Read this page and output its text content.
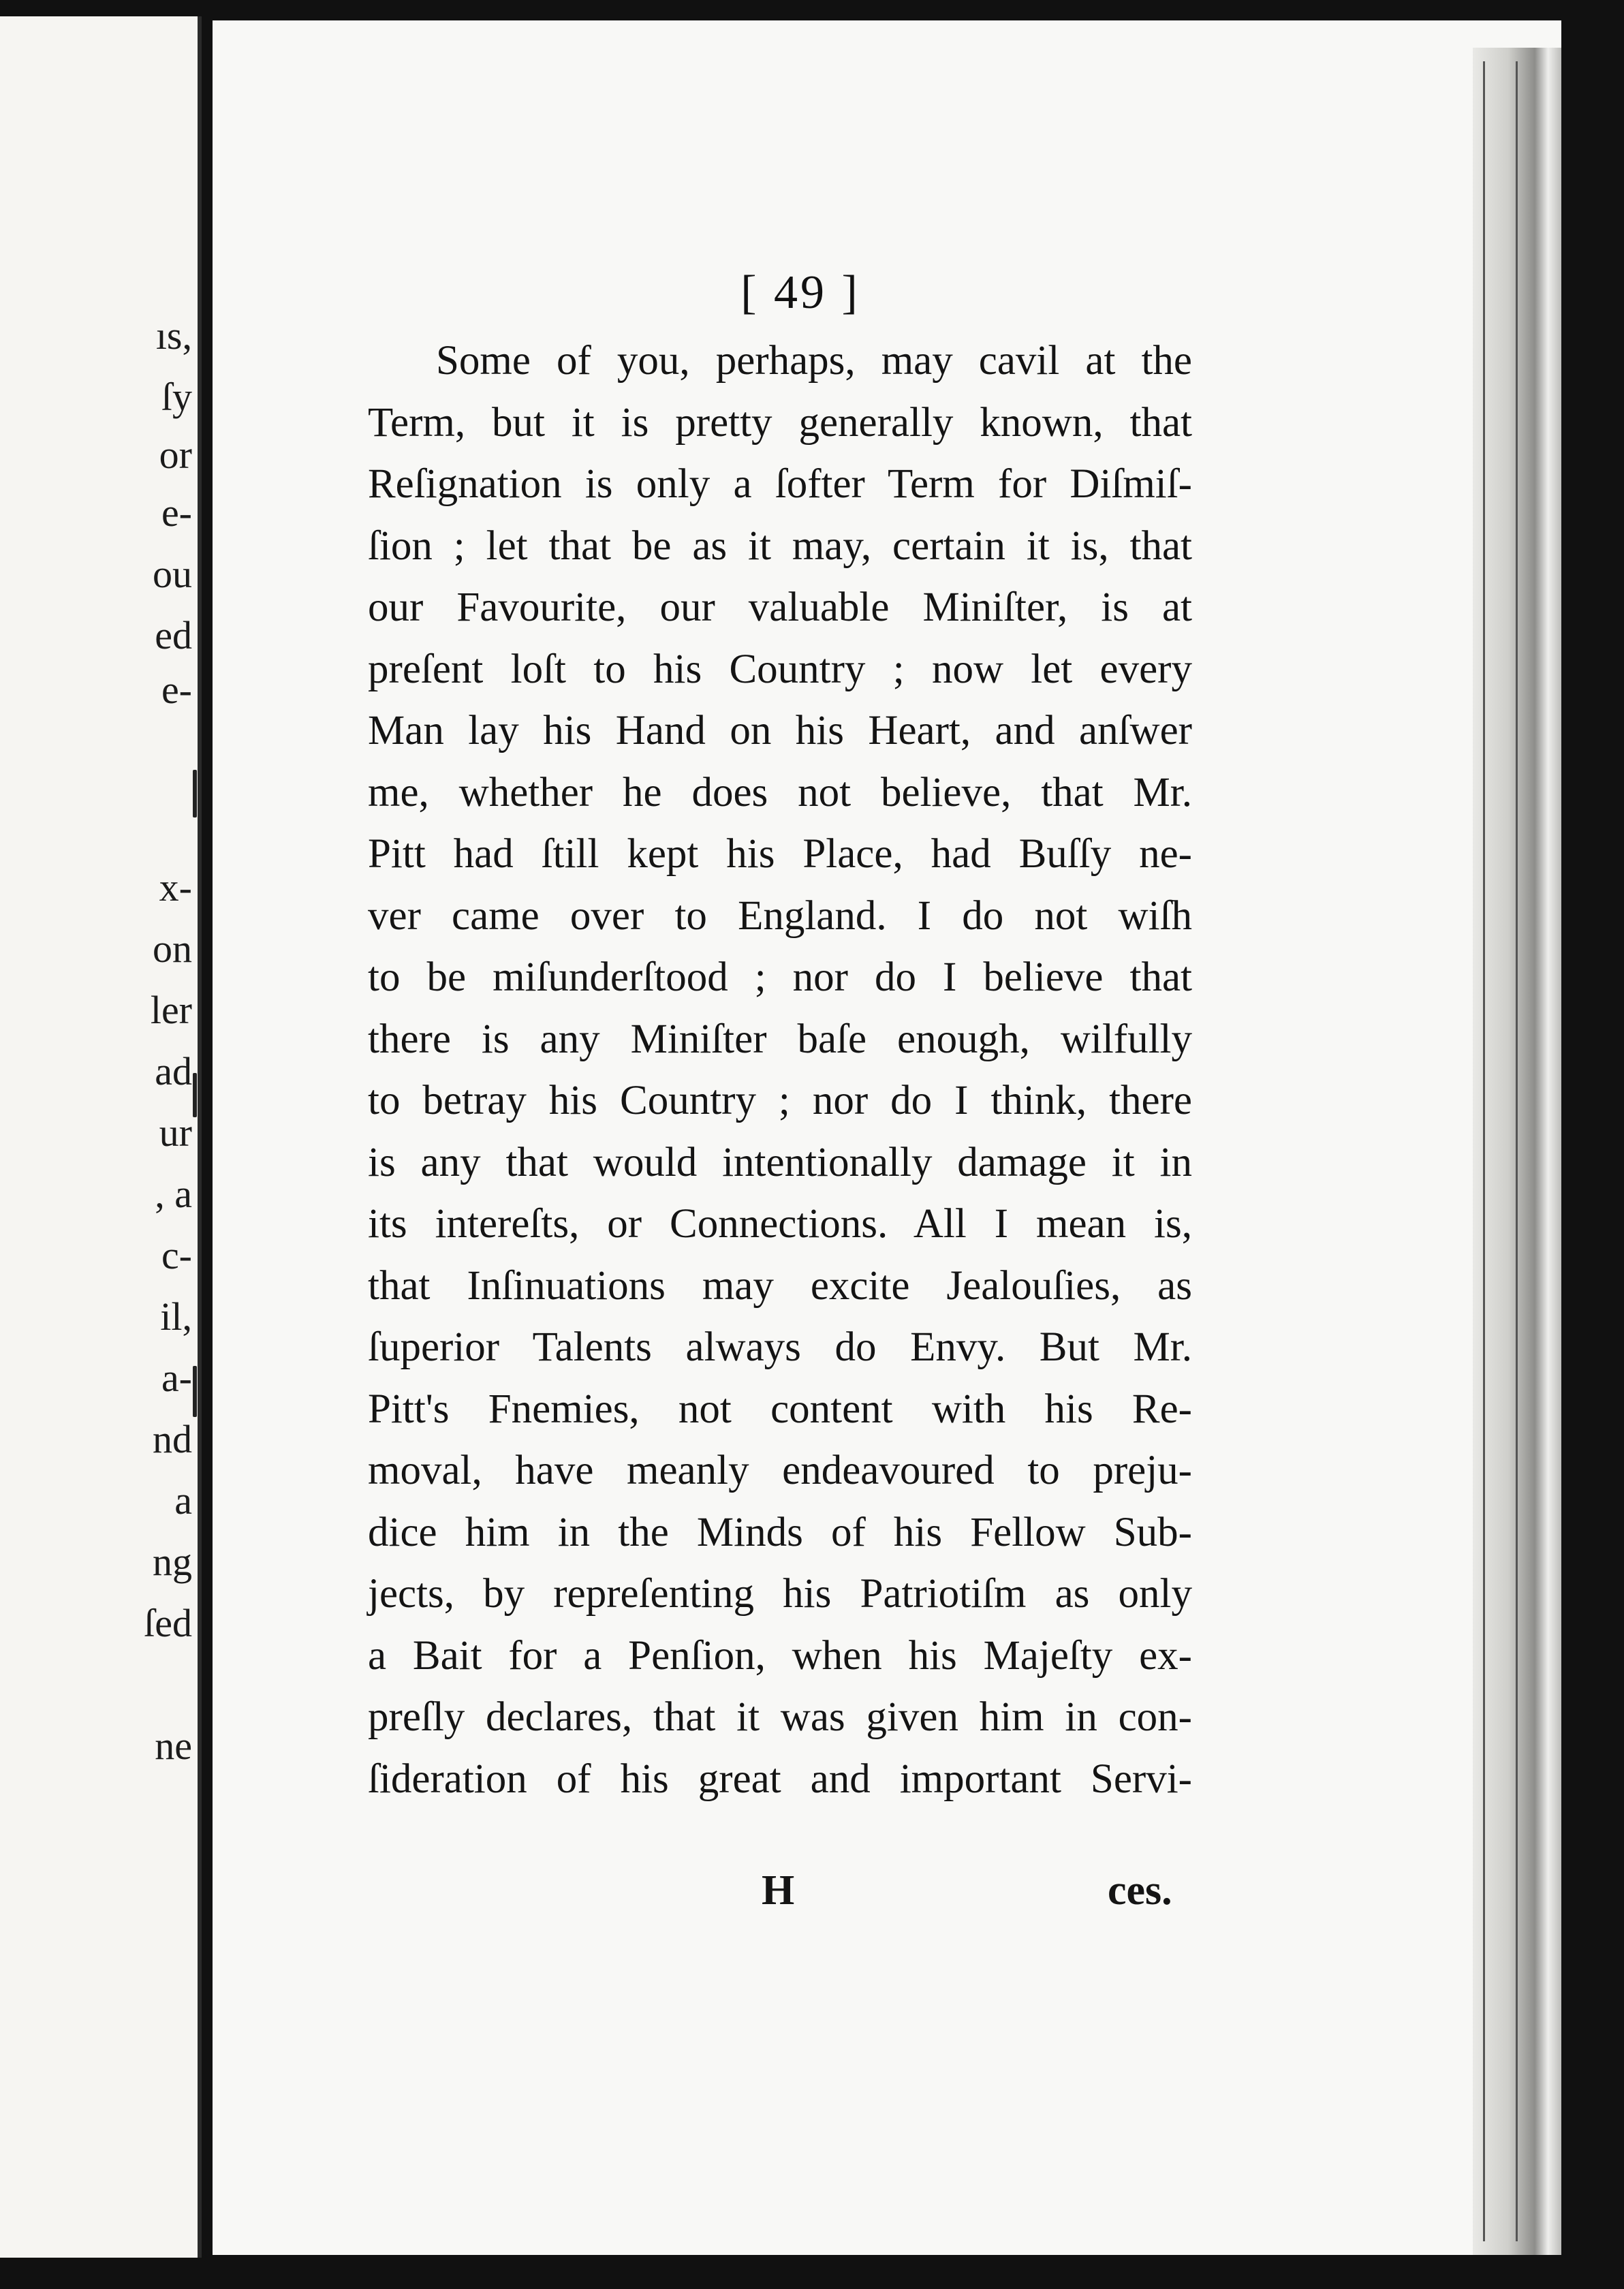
ıs,
ſy
or
e-
ou
ed
e-
x-
on
ler
ad
ur
, a
c-
il,
a-
nd
a
ng
ſed
ne
[ 49 ]
Some of you, perhaps, may cavil at the
Term, but it is pretty generally known, that
Reſignation is only a ſofter Term for Diſmiſ-
ſion ; let that be as it may, certain it is, that
our Favourite, our valuable Miniſter, is at
preſent loſt to his Country ; now let every
Man lay his Hand on his Heart, and anſwer
me, whether he does not believe, that Mr.
Pitt had ſtill kept his Place, had Buſſy ne-
ver came over to England. I do not wiſh
to be miſunderſtood ; nor do I believe that
there is any Miniſter baſe enough, wilfully
to betray his Country ; nor do I think, there
is any that would intentionally damage it in
its intereſts, or Connections. All I mean is,
that Inſinuations may excite Jealouſies, as
ſuperior Talents always do Envy. But Mr.
Pitt's Fnemies, not content with his Re-
moval, have meanly endeavoured to preju-
dice him in the Minds of his Fellow Sub-
jects, by repreſenting his Patriotiſm as only
a Bait for a Penſion, when his Majeſty ex-
preſly declares, that it was given him in con-
ſideration of his great and important Servi-
H	ces.
